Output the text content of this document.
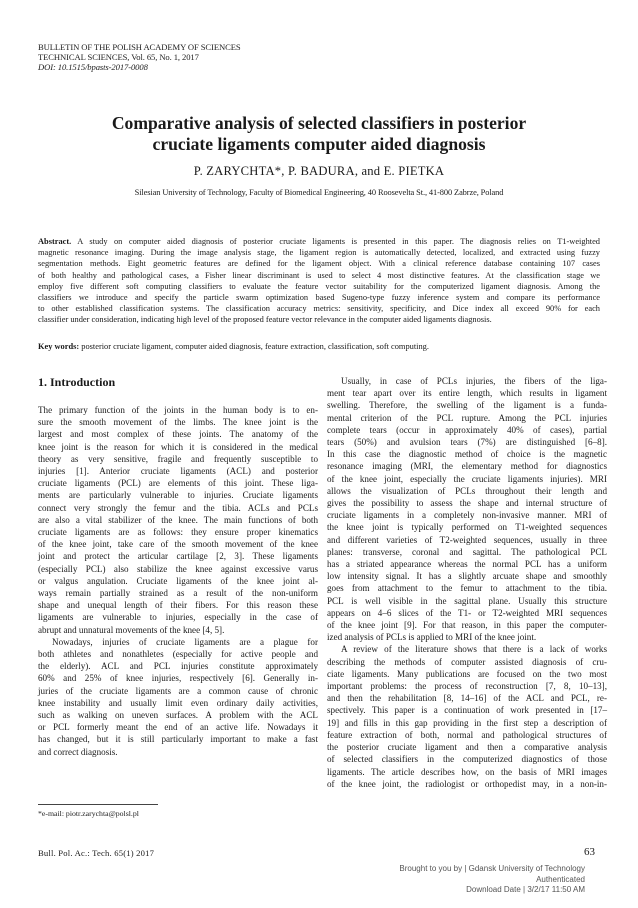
BULLETIN OF THE POLISH ACADEMY OF SCIENCES
TECHNICAL SCIENCES, Vol. 65, No. 1, 2017
DOI: 10.1515/bpasts-2017-0008
Comparative analysis of selected classifiers in posterior
cruciate ligaments computer aided diagnosis
P. ZARYCHTA*, P. BADURA, and E. PIETKA
Silesian University of Technology, Faculty of Biomedical Engineering, 40 Roosevelta St., 41-800 Zabrze, Poland
Abstract. A study on computer aided diagnosis of posterior cruciate ligaments is presented in this paper. The diagnosis relies on T1-weighted
magnetic resonance imaging. During the image analysis stage, the ligament region is automatically detected, localized, and extracted using fuzzy
segmentation methods. Eight geometric features are defined for the ligament object. With a clinical reference database containing 107 cases
of both healthy and pathological cases, a Fisher linear discriminant is used to select 4 most distinctive features. At the classification stage we
employ five different soft computing classifiers to evaluate the feature vector suitability for the computerized ligament diagnosis. Among the
classifiers we introduce and specify the particle swarm optimization based Sugeno-type fuzzy inference system and compare its performance
to other established classification systems. The classification accuracy metrics: sensitivity, specificity, and Dice index all exceed 90% for each
classifier under consideration, indicating high level of the proposed feature vector relevance in the computer aided ligaments diagnosis.
Key words: posterior cruciate ligament, computer aided diagnosis, feature extraction, classification, soft computing.
1. Introduction
The primary function of the joints in the human body is to en-
sure the smooth movement of the limbs. The knee joint is the
largest and most complex of these joints. The anatomy of the
knee joint is the reason for which it is considered in the medical
theory as very sensitive, fragile and frequently susceptible to
injuries [1]. Anterior cruciate ligaments (ACL) and posterior
cruciate ligaments (PCL) are elements of this joint. These liga-
ments are particularly vulnerable to injuries. Cruciate ligaments
connect very strongly the femur and the tibia. ACLs and PCLs
are also a vital stabilizer of the knee. The main functions of both
cruciate ligaments are as follows: they ensure proper kinematics
of the knee joint, take care of the smooth movement of the knee
joint and protect the articular cartilage [2, 3]. These ligaments
(especially PCL) also stabilize the knee against excessive varus
or valgus angulation. Cruciate ligaments of the knee joint al-
ways remain partially strained as a result of the non-uniform
shape and unequal length of their fibers. For this reason these
ligaments are vulnerable to injuries, especially in the case of
abrupt and unnatural movements of the knee [4, 5].
Nowadays, injuries of cruciate ligaments are a plague for
both athletes and nonathletes (especially for active people and
the elderly). ACL and PCL injuries constitute approximately
60% and 25% of knee injuries, respectively [6]. Generally in-
juries of the cruciate ligaments are a common cause of chronic
knee instability and usually limit even ordinary daily activities,
such as walking on uneven surfaces. A problem with the ACL
or PCL formerly meant the end of an active life. Nowadays it
has changed, but it is still particularly important to make a fast
and correct diagnosis.
Usually, in case of PCLs injuries, the fibers of the liga-
ment tear apart over its entire length, which results in ligament
swelling. Therefore, the swelling of the ligament is a funda-
mental criterion of the PCL rupture. Among the PCL injuries
complete tears (occur in approximately 40% of cases), partial
tears (50%) and avulsion tears (7%) are distinguished [6–8].
In this case the diagnostic method of choice is the magnetic
resonance imaging (MRI, the elementary method for diagnostics
of the knee joint, especially the cruciate ligaments injuries). MRI
allows the visualization of PCLs throughout their length and
gives the possibility to assess the shape and internal structure of
cruciate ligaments in a completely non-invasive manner. MRI of
the knee joint is typically performed on T1-weighted sequences
and different varieties of T2-weighted sequences, usually in three
planes: transverse, coronal and sagittal. The pathological PCL
has a striated appearance whereas the normal PCL has a uniform
low intensity signal. It has a slightly arcuate shape and smoothly
goes from attachment to the femur to attachment to the tibia.
PCL is well visible in the sagittal plane. Usually this structure
appears on 4–6 slices of the T1- or T2-weighted MRI sequences
of the knee joint [9]. For that reason, in this paper the computer-
ized analysis of PCLs is applied to MRI of the knee joint.
A review of the literature shows that there is a lack of works
describing the methods of computer assisted diagnosis of cru-
ciate ligaments. Many publications are focused on the two most
important problems: the process of reconstruction [7, 8, 10–13],
and then the rehabilitation [8, 14–16] of the ACL and PCL, re-
spectively. This paper is a continuation of work presented in [17–
19] and fills in this gap providing in the first step a description of
feature extraction of both, normal and pathological structures of
the posterior cruciate ligament and then a comparative analysis
of selected classifiers in the computerized diagnostics of those
ligaments. The article describes how, on the basis of MRI images
of the knee joint, the radiologist or orthopedist may, in a non-in-
*e-mail: piotr.zarychta@polsl.pl
Bull. Pol. Ac.: Tech. 65(1) 2017	63
Brought to you by | Gdansk University of Technology
Authenticated
Download Date | 3/2/17 11:50 AM
